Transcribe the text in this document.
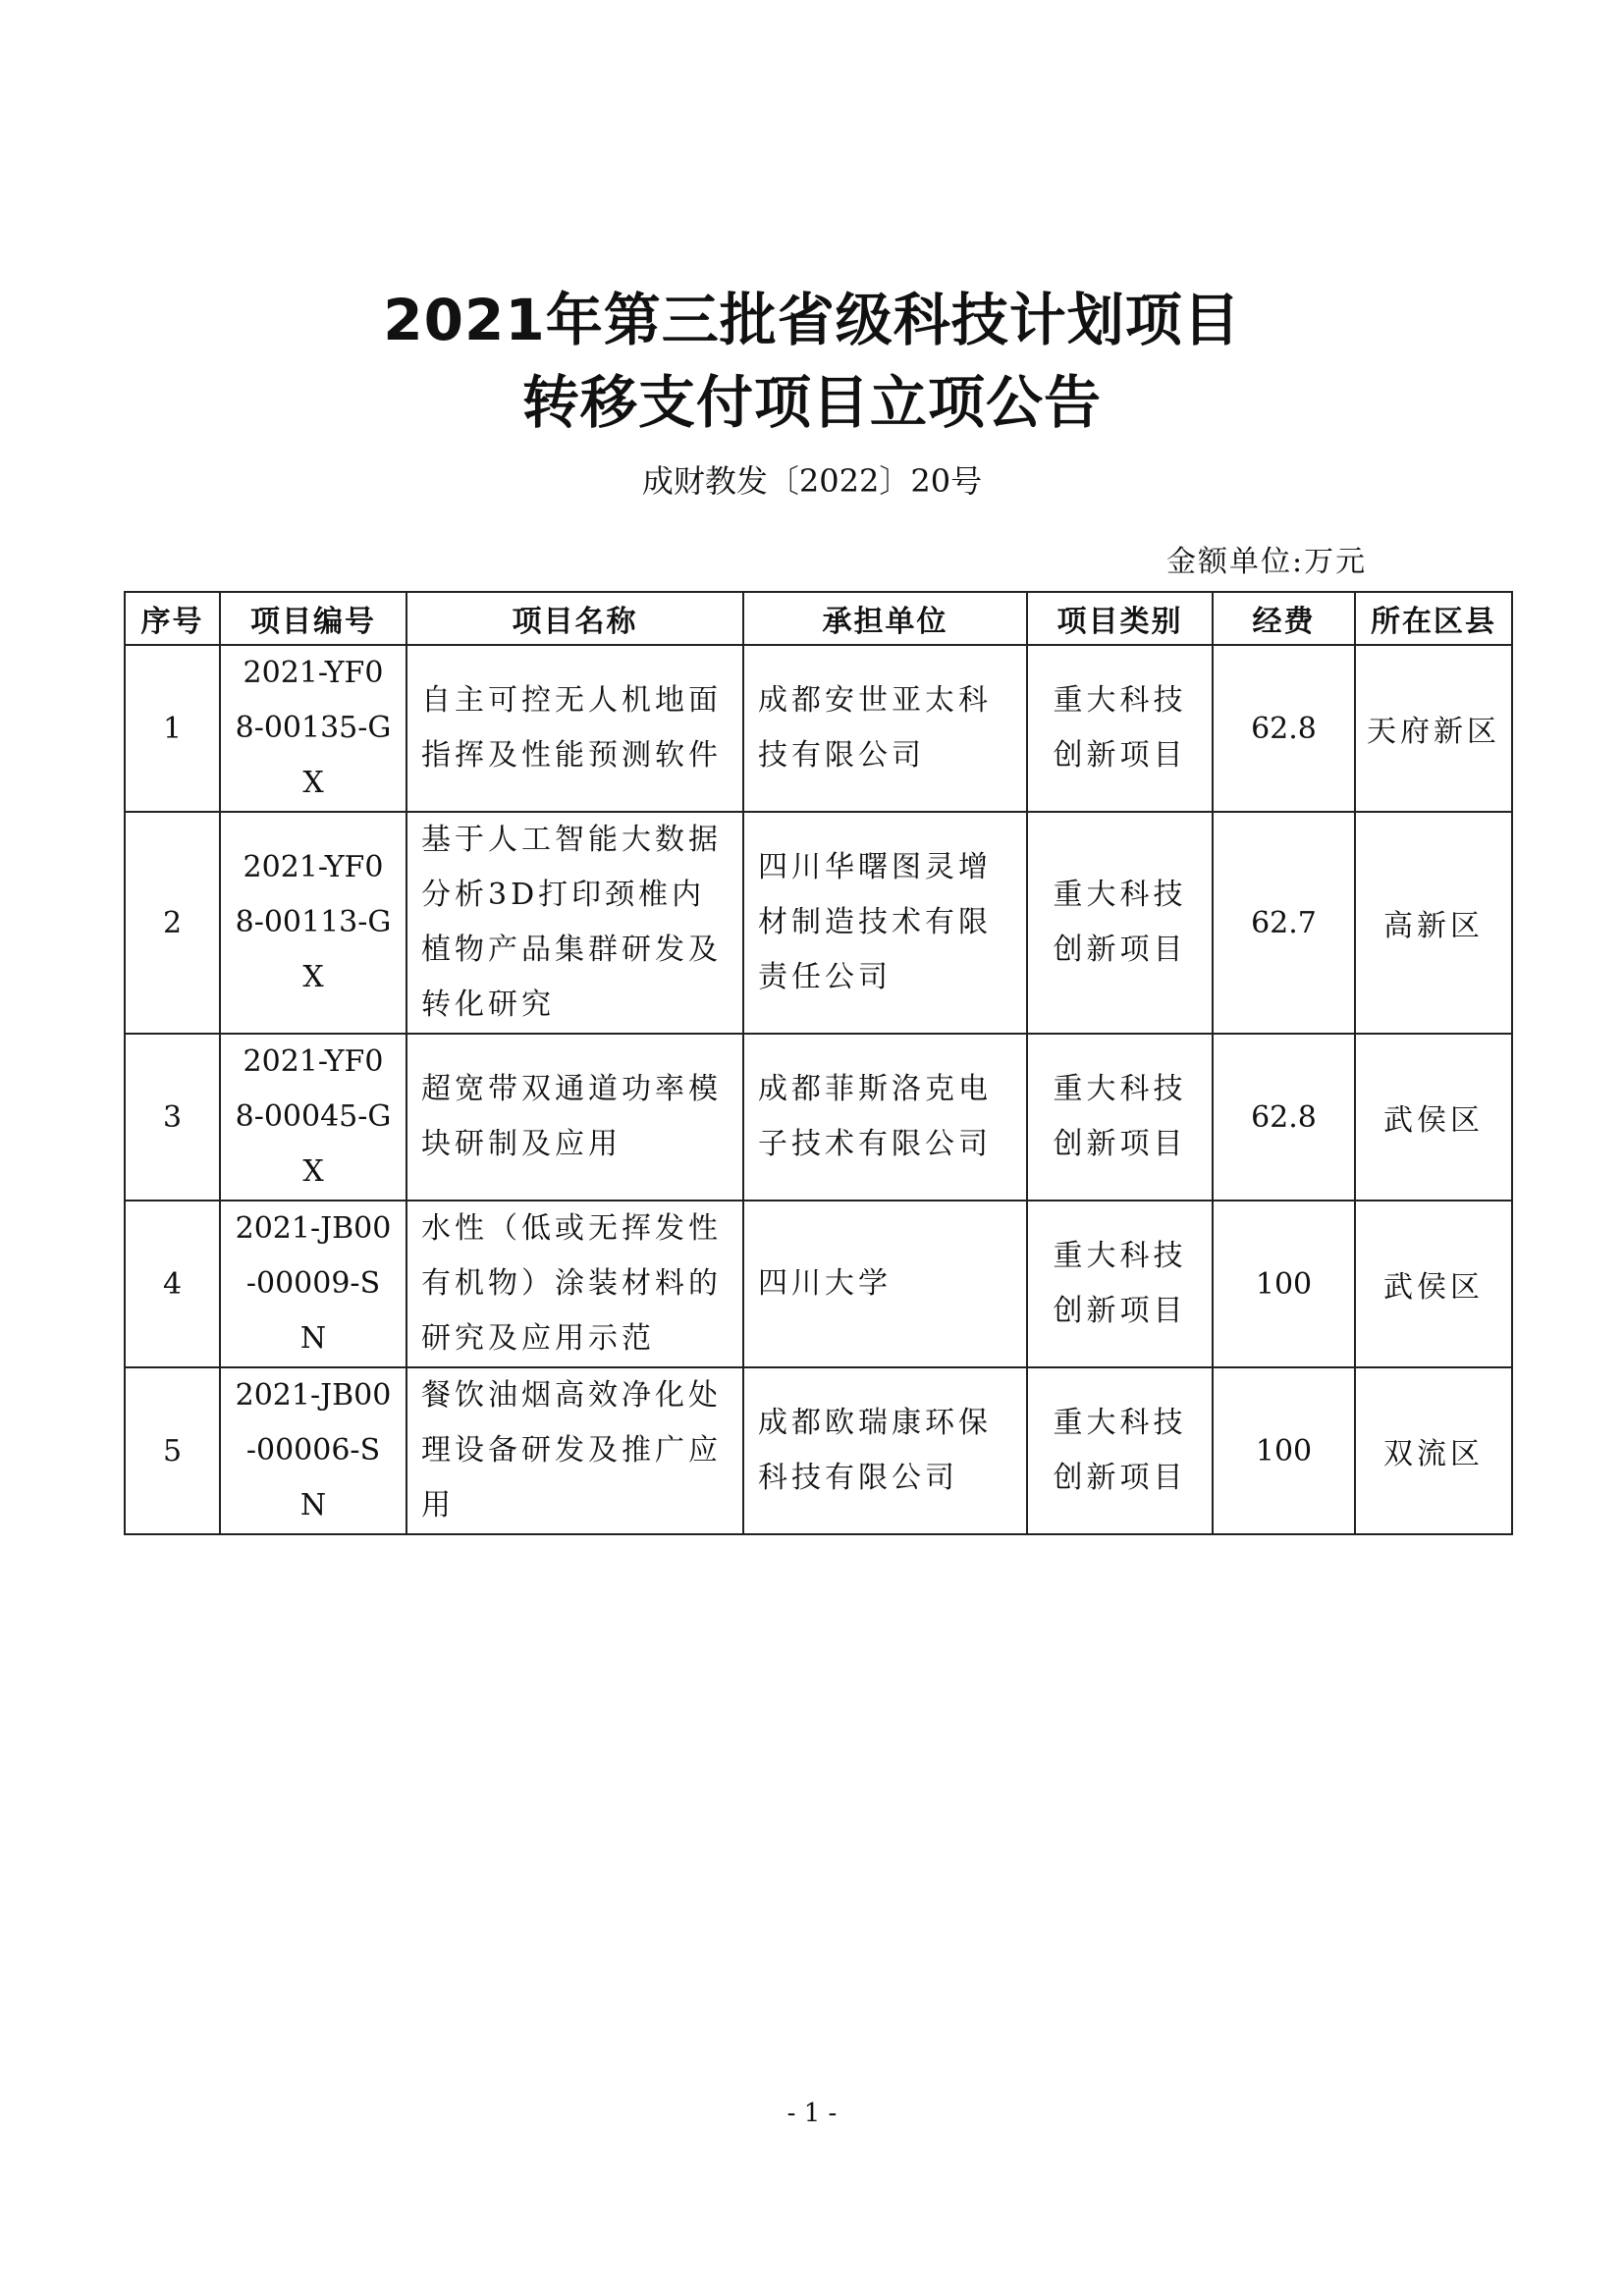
2021年第三批省级科技计划项目
转移支付项目立项公告
成财教发〔2022〕20号
金额单位:万元
序号	项目编号	项目名称	承担单位	项目类别	经费	所在区县
1	2021-YF08-00135-GX	自主可控无人机地面指挥及性能预测软件	成都安世亚太科技有限公司	重大科技创新项目	62.8	天府新区
2	2021-YF08-00113-GX	基于人工智能大数据分析3D打印颈椎内植物产品集群研发及转化研究	四川华曙图灵增材制造技术有限责任公司	重大科技创新项目	62.7	高新区
3	2021-YF08-00045-GX	超宽带双通道功率模块研制及应用	成都菲斯洛克电子技术有限公司	重大科技创新项目	62.8	武侯区
4	2021-JB00-00009-SN	水性（低或无挥发性有机物）涂装材料的研究及应用示范	四川大学	重大科技创新项目	100	武侯区
5	2021-JB00-00006-SN	餐饮油烟高效净化处理设备研发及推广应用	成都欧瑞康环保科技有限公司	重大科技创新项目	100	双流区
- 1 -
